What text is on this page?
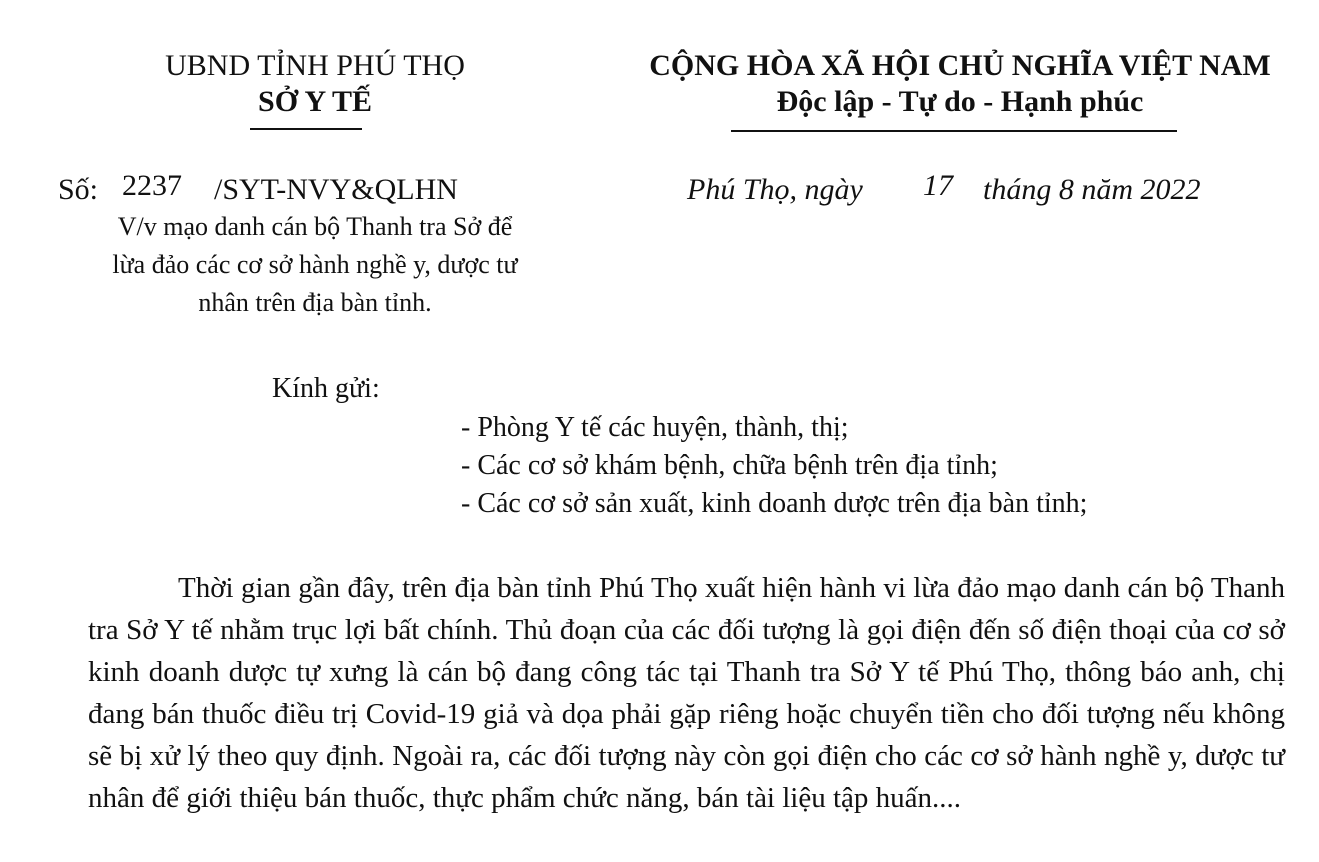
UBND TỈNH PHÚ THỌ
SỞ Y TẾ
CỘNG HÒA XÃ HỘI CHỦ NGHĨA VIỆT NAM
Độc lập - Tự do - Hạnh phúc
Số: 2237 /SYT-NVY&QLHN	Phú Thọ, ngày 17 tháng 8 năm 2022
V/v mạo danh cán bộ Thanh tra Sở để
lừa đảo các cơ sở hành nghề y, dược tư
nhân trên địa bàn tỉnh.
Kính gửi:
- Phòng Y tế các huyện, thành, thị;
- Các cơ sở khám bệnh, chữa bệnh trên địa tỉnh;
- Các cơ sở sản xuất, kinh doanh dược trên địa bàn tỉnh;
Thời gian gần đây, trên địa bàn tỉnh Phú Thọ xuất hiện hành vi lừa đảo mạo danh cán bộ Thanh tra Sở Y tế nhằm trục lợi bất chính. Thủ đoạn của các đối tượng là gọi điện đến số điện thoại của cơ sở kinh doanh dược tự xưng là cán bộ đang công tác tại Thanh tra Sở Y tế Phú Thọ, thông báo anh, chị đang bán thuốc điều trị Covid-19 giả và dọa phải gặp riêng hoặc chuyển tiền cho đối tượng nếu không sẽ bị xử lý theo quy định. Ngoài ra, các đối tượng này còn gọi điện cho các cơ sở hành nghề y, dược tư nhân để giới thiệu bán thuốc, thực phẩm chức năng, bán tài liệu tập huấn....
